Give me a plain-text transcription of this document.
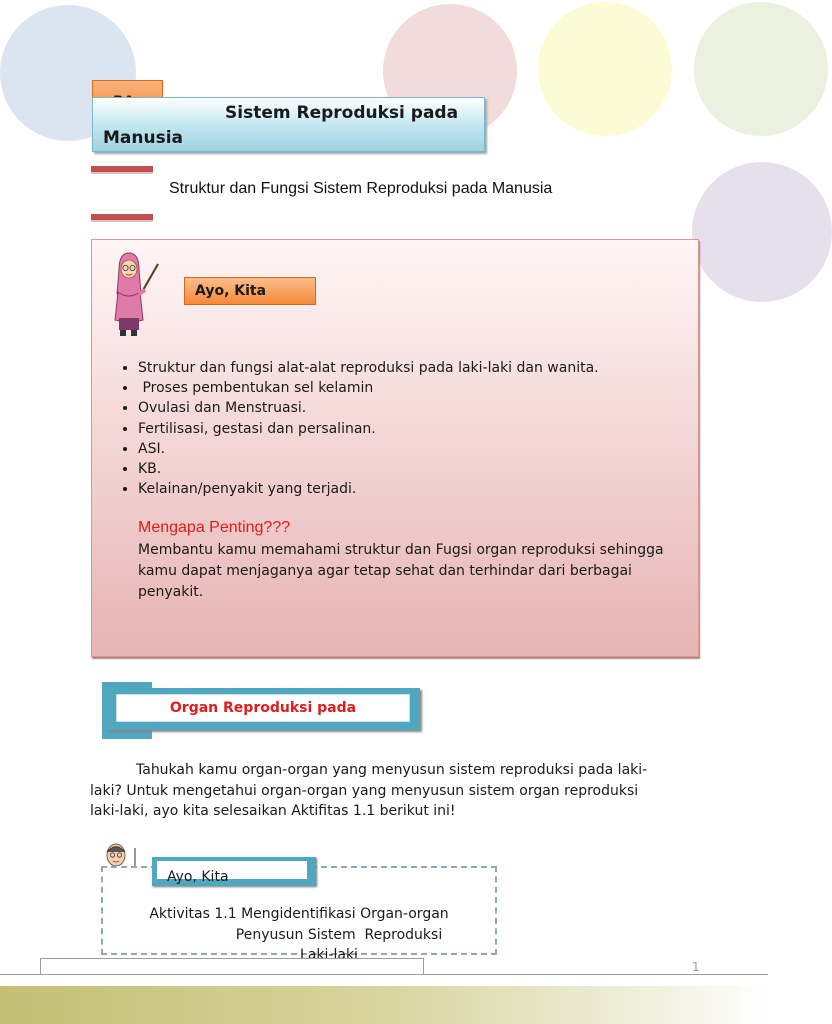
Sistem Reproduksi pada
Manusia
Struktur dan Fungsi Sistem Reproduksi pada Manusia
Ayo, Kita
• Struktur dan fungsi alat-alat reproduksi pada laki-laki dan wanita.
•  Proses pembentukan sel kelamin
• Ovulasi dan Menstruasi.
• Fertilisasi, gestasi dan persalinan.
• ASI.
• KB.
• Kelainan/penyakit yang terjadi.
Mengapa Penting???
Membantu kamu memahami struktur dan Fugsi organ reproduksi sehingga kamu dapat menjaganya agar tetap sehat dan terhindar dari berbagai penyakit.
Organ Reproduksi pada

Tahukah kamu organ-organ yang menyusun sistem reproduksi pada laki-laki? Untuk mengetahui organ-organ yang menyusun sistem organ reproduksi laki-laki, ayo kita selesaikan Aktifitas 1.1 berikut ini!

Aktivitas 1.1 Mengidentifikasi Organ-organ
Penyusun Sistem  Reproduksi
Laki-laki
Ayo, Kita
1
